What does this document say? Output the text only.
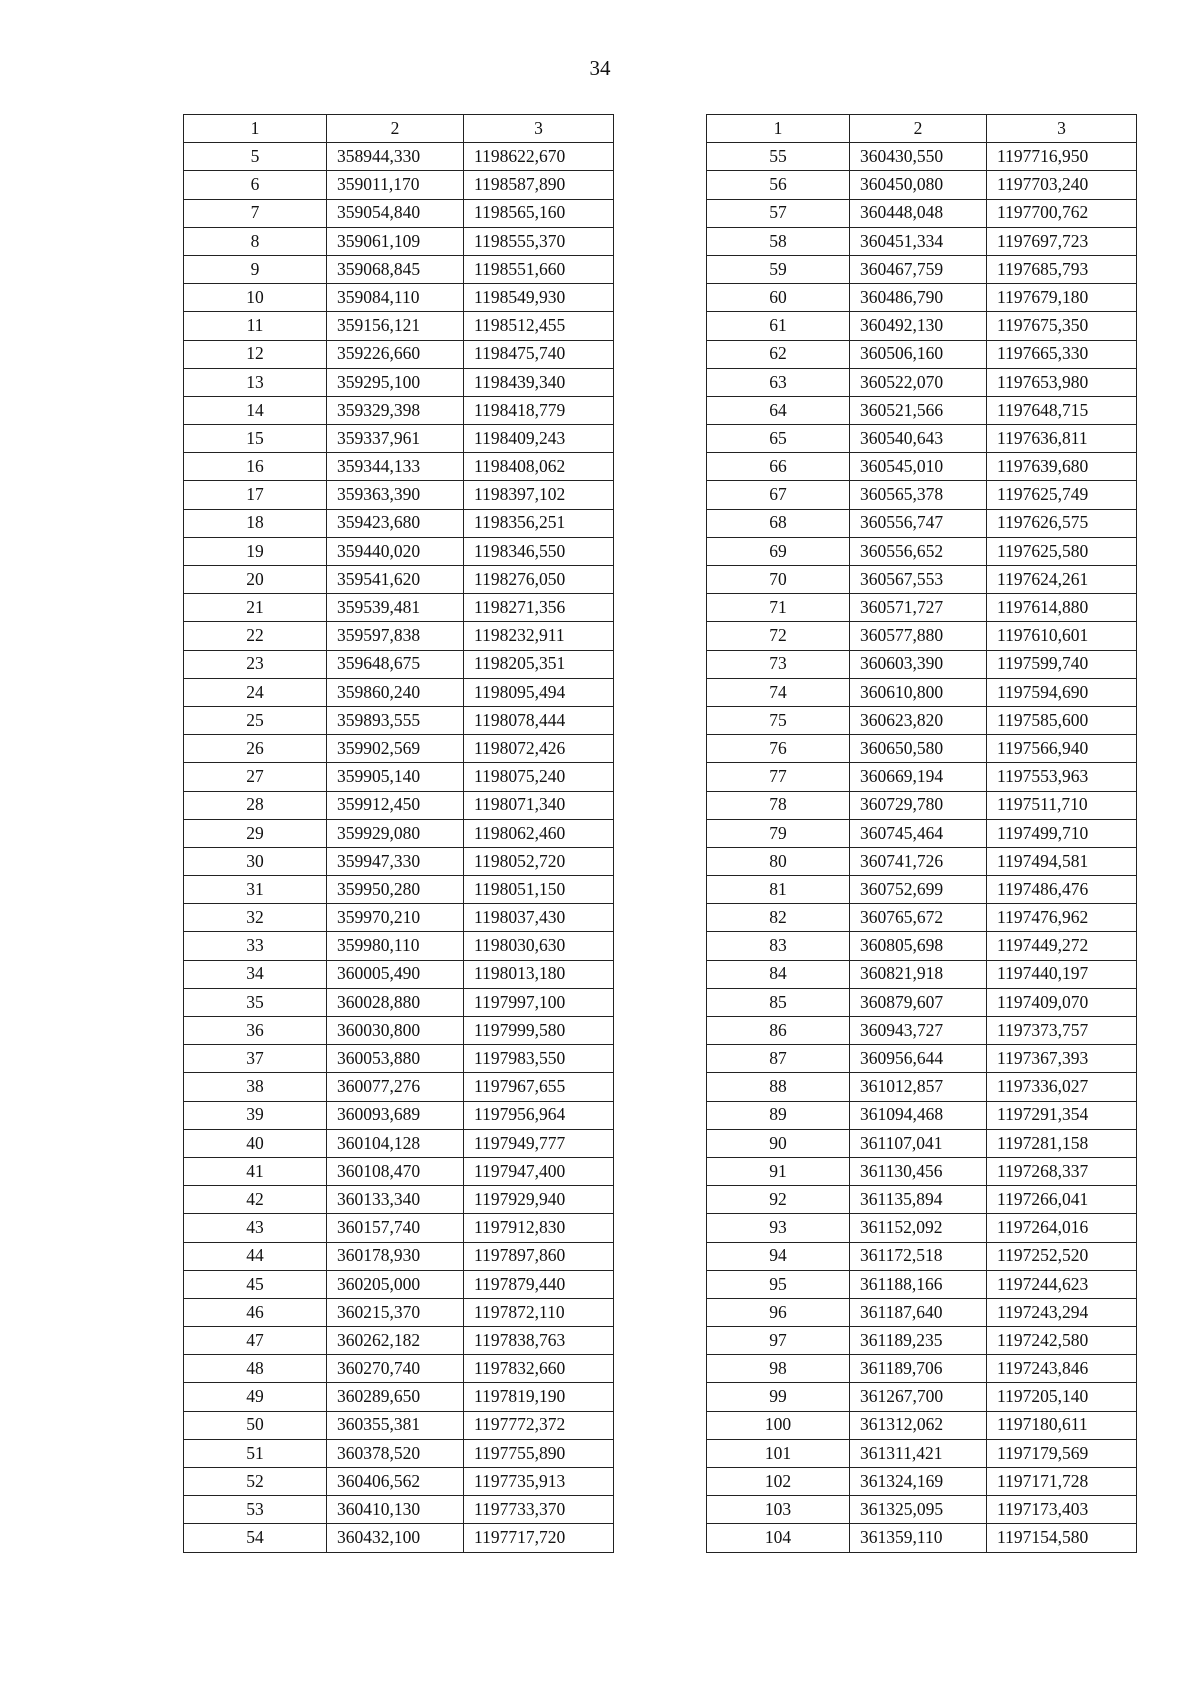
34
1	2	3
5	358944,330	1198622,670
6	359011,170	1198587,890
7	359054,840	1198565,160
8	359061,109	1198555,370
9	359068,845	1198551,660
10	359084,110	1198549,930
11	359156,121	1198512,455
12	359226,660	1198475,740
13	359295,100	1198439,340
14	359329,398	1198418,779
15	359337,961	1198409,243
16	359344,133	1198408,062
17	359363,390	1198397,102
18	359423,680	1198356,251
19	359440,020	1198346,550
20	359541,620	1198276,050
21	359539,481	1198271,356
22	359597,838	1198232,911
23	359648,675	1198205,351
24	359860,240	1198095,494
25	359893,555	1198078,444
26	359902,569	1198072,426
27	359905,140	1198075,240
28	359912,450	1198071,340
29	359929,080	1198062,460
30	359947,330	1198052,720
31	359950,280	1198051,150
32	359970,210	1198037,430
33	359980,110	1198030,630
34	360005,490	1198013,180
35	360028,880	1197997,100
36	360030,800	1197999,580
37	360053,880	1197983,550
38	360077,276	1197967,655
39	360093,689	1197956,964
40	360104,128	1197949,777
41	360108,470	1197947,400
42	360133,340	1197929,940
43	360157,740	1197912,830
44	360178,930	1197897,860
45	360205,000	1197879,440
46	360215,370	1197872,110
47	360262,182	1197838,763
48	360270,740	1197832,660
49	360289,650	1197819,190
50	360355,381	1197772,372
51	360378,520	1197755,890
52	360406,562	1197735,913
53	360410,130	1197733,370
54	360432,100	1197717,720
1	2	3
55	360430,550	1197716,950
56	360450,080	1197703,240
57	360448,048	1197700,762
58	360451,334	1197697,723
59	360467,759	1197685,793
60	360486,790	1197679,180
61	360492,130	1197675,350
62	360506,160	1197665,330
63	360522,070	1197653,980
64	360521,566	1197648,715
65	360540,643	1197636,811
66	360545,010	1197639,680
67	360565,378	1197625,749
68	360556,747	1197626,575
69	360556,652	1197625,580
70	360567,553	1197624,261
71	360571,727	1197614,880
72	360577,880	1197610,601
73	360603,390	1197599,740
74	360610,800	1197594,690
75	360623,820	1197585,600
76	360650,580	1197566,940
77	360669,194	1197553,963
78	360729,780	1197511,710
79	360745,464	1197499,710
80	360741,726	1197494,581
81	360752,699	1197486,476
82	360765,672	1197476,962
83	360805,698	1197449,272
84	360821,918	1197440,197
85	360879,607	1197409,070
86	360943,727	1197373,757
87	360956,644	1197367,393
88	361012,857	1197336,027
89	361094,468	1197291,354
90	361107,041	1197281,158
91	361130,456	1197268,337
92	361135,894	1197266,041
93	361152,092	1197264,016
94	361172,518	1197252,520
95	361188,166	1197244,623
96	361187,640	1197243,294
97	361189,235	1197242,580
98	361189,706	1197243,846
99	361267,700	1197205,140
100	361312,062	1197180,611
101	361311,421	1197179,569
102	361324,169	1197171,728
103	361325,095	1197173,403
104	361359,110	1197154,580
